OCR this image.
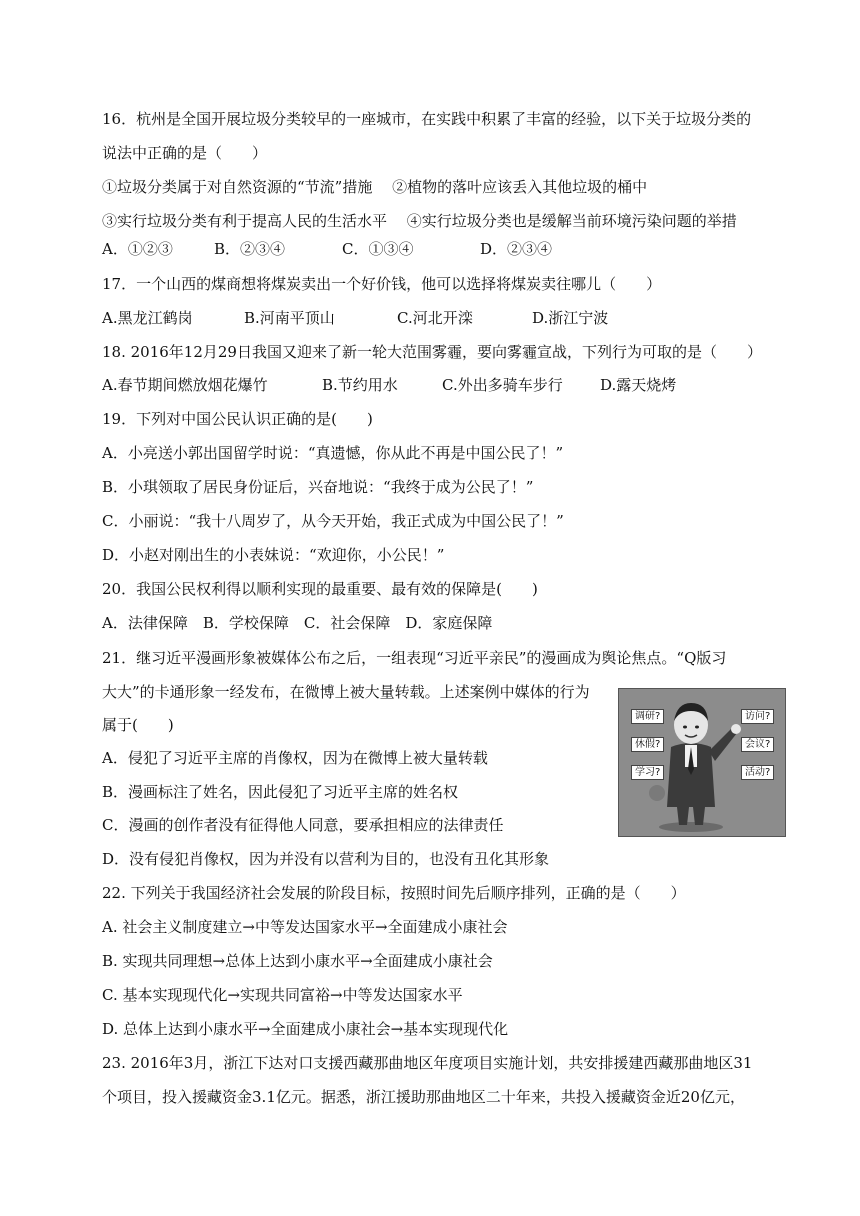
16．杭州是全国开展垃圾分类较早的一座城市，在实践中积累了丰富的经验，以下关于垃圾分类的
说法中正确的是（　　）
①垃圾分类属于对自然资源的“节流”措施　 ②植物的落叶应该丢入其他垃圾的桶中
③实行垃圾分类有利于提高人民的生活水平　 ④实行垃圾分类也是缓解当前环境污染问题的举措
A．①②③	B．②③④	C．①③④	D．②③④
17．一个山西的煤商想将煤炭卖出一个好价钱，他可以选择将煤炭卖往哪儿（　　）
A.黑龙江鹤岗	B.河南平顶山	C.河北开滦	D.浙江宁波
18. 2016年12月29日我国又迎来了新一轮大范围雾霾，要向雾霾宣战，下列行为可取的是（　　）
A.春节期间燃放烟花爆竹	B.节约用水	C.外出多骑车步行 D.露天烧烤
19．下列对中国公民认识正确的是(　　)
A．小亮送小郭出国留学时说：“真遗憾，你从此不再是中国公民了！”
B．小琪领取了居民身份证后，兴奋地说：“我终于成为公民了！”
C．小丽说：“我十八周岁了，从今天开始，我正式成为中国公民了！”
D．小赵对刚出生的小表妹说：“欢迎你，小公民！”
20．我国公民权利得以顺利实现的最重要、最有效的保障是(　　)
A．法律保障　B．学校保障　C．社会保障　D．家庭保障
21．继习近平漫画形象被媒体公布之后，一组表现“习近平亲民”的漫画成为舆论焦点。“Q版习
大大”的卡通形象一经发布，在微博上被大量转载。上述案例中媒体的行为
属于(　　)
A．侵犯了习近平主席的肖像权，因为在微博上被大量转载
B．漫画标注了姓名，因此侵犯了习近平主席的姓名权
C．漫画的创作者没有征得他人同意，要承担相应的法律责任
D．没有侵犯肖像权，因为并没有以营利为目的，也没有丑化其形象
调研?
休假?
学习?
访问?
会议?
活动?
22. 下列关于我国经济社会发展的阶段目标，按照时间先后顺序排列，正确的是（　　）
A. 社会主义制度建立→中等发达国家水平→全面建成小康社会
B. 实现共同理想→总体上达到小康水平→全面建成小康社会
C. 基本实现现代化→实现共同富裕→中等发达国家水平
D. 总体上达到小康水平→全面建成小康社会→基本实现现代化
23. 2016年3月，浙江下达对口支援西藏那曲地区年度项目实施计划，共安排援建西藏那曲地区31
个项目，投入援藏资金3.1亿元。据悉，浙江援助那曲地区二十年来，共投入援藏资金近20亿元，
